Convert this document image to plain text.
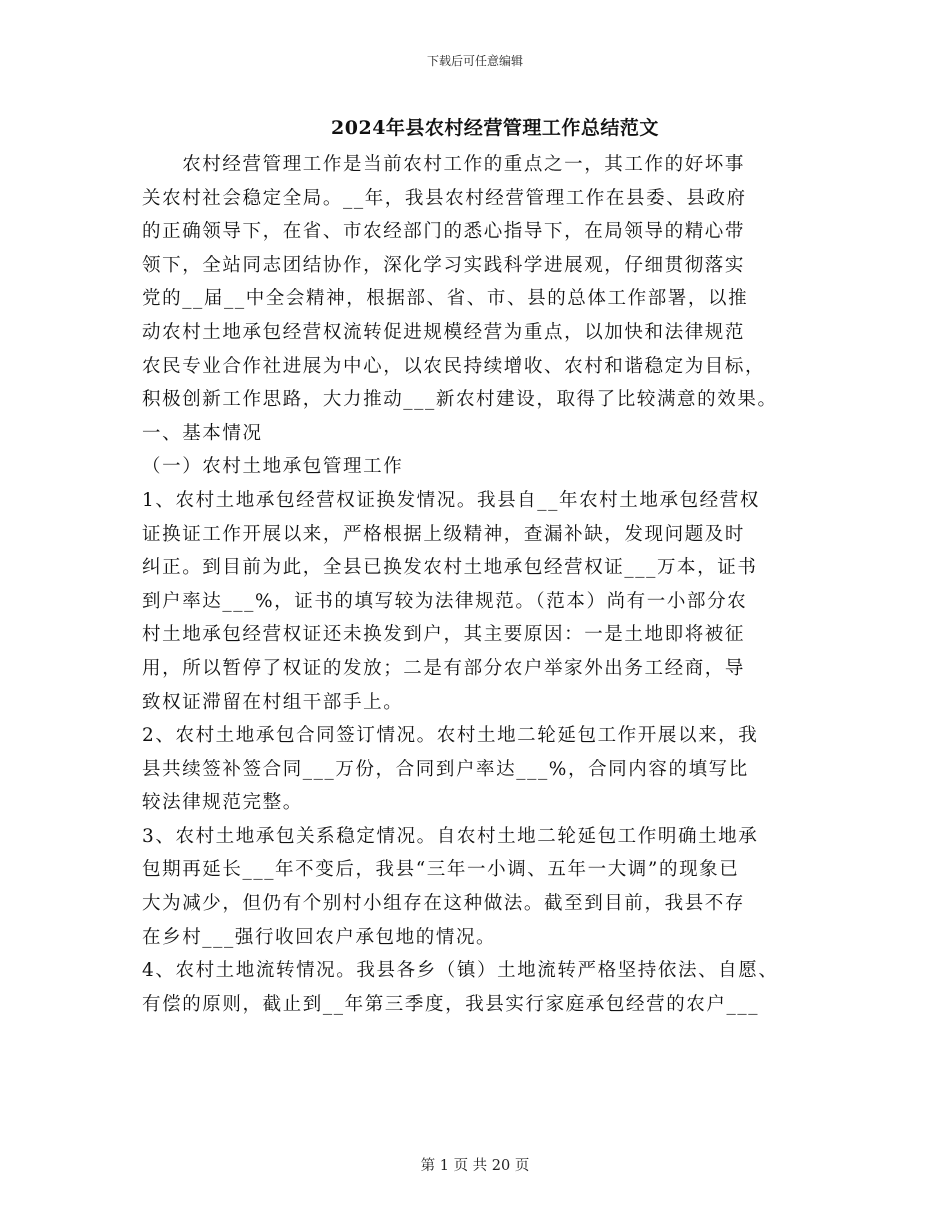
下载后可任意编辑
2024年县农村经营管理工作总结范文
　　农村经营管理工作是当前农村工作的重点之一，其工作的好坏事
关农村社会稳定全局。__年，我县农村经营管理工作在县委、县政府
的正确领导下，在省、市农经部门的悉心指导下，在局领导的精心带
领下，全站同志团结协作，深化学习实践科学进展观，仔细贯彻落实
党的__届__中全会精神，根据部、省、市、县的总体工作部署，以推
动农村土地承包经营权流转促进规模经营为重点，以加快和法律规范
农民专业合作社进展为中心，以农民持续增收、农村和谐稳定为目标，
积极创新工作思路，大力推动___新农村建设，取得了比较满意的效果。
一、基本情况
（一）农村土地承包管理工作
1、农村土地承包经营权证换发情况。我县自__年农村土地承包经营权
证换证工作开展以来，严格根据上级精神，查漏补缺，发现问题及时
纠正。到目前为此，全县已换发农村土地承包经营权证___万本，证书
到户率达___%，证书的填写较为法律规范。（范本）尚有一小部分农
村土地承包经营权证还未换发到户，其主要原因：一是土地即将被征
用，所以暂停了权证的发放；二是有部分农户举家外出务工经商，导
致权证滞留在村组干部手上。
2、农村土地承包合同签订情况。农村土地二轮延包工作开展以来，我
县共续签补签合同___万份，合同到户率达___%，合同内容的填写比
较法律规范完整。
3、农村土地承包关系稳定情况。自农村土地二轮延包工作明确土地承
包期再延长___年不变后，我县“三年一小调、五年一大调”的现象已
大为减少，但仍有个别村小组存在这种做法。截至到目前，我县不存
在乡村___强行收回农户承包地的情况。
4、农村土地流转情况。我县各乡（镇）土地流转严格坚持依法、自愿、
有偿的原则，截止到__年第三季度，我县实行家庭承包经营的农户___
第 1 页 共 20 页
